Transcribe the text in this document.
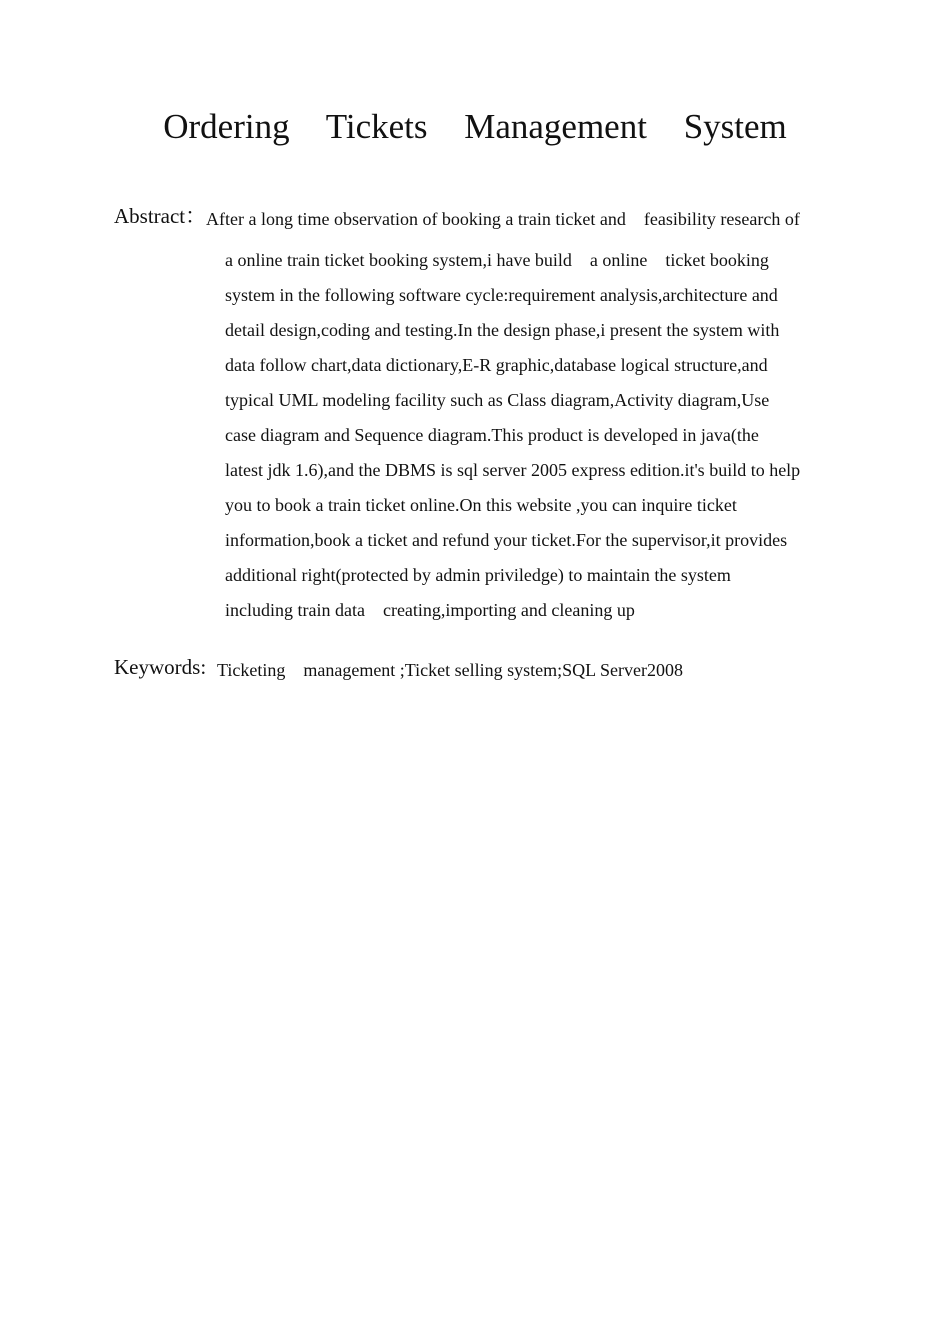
Ordering Tickets Management System
Abstract： After a long time observation of booking a train ticket and    feasibility research of
a online train ticket booking system,i have build    a online    ticket booking
system in the following software cycle:requirement analysis,architecture and
detail design,coding and testing.In the design phase,i present the system with
data follow chart,data dictionary,E-R graphic,database logical structure,and
typical UML modeling facility such as Class diagram,Activity diagram,Use
case diagram and Sequence diagram.This product is developed in java(the
latest jdk 1.6),and the DBMS is sql server 2005 express edition.it's build to help
you to book a train ticket online.On this website ,you can inquire ticket
information,book a ticket and refund your ticket.For the supervisor,it provides
additional right(protected by admin priviledge) to maintain the system
including train data    creating,importing and cleaning up
Keywords: Ticketing    management ;Ticket selling system;SQL Server2008
